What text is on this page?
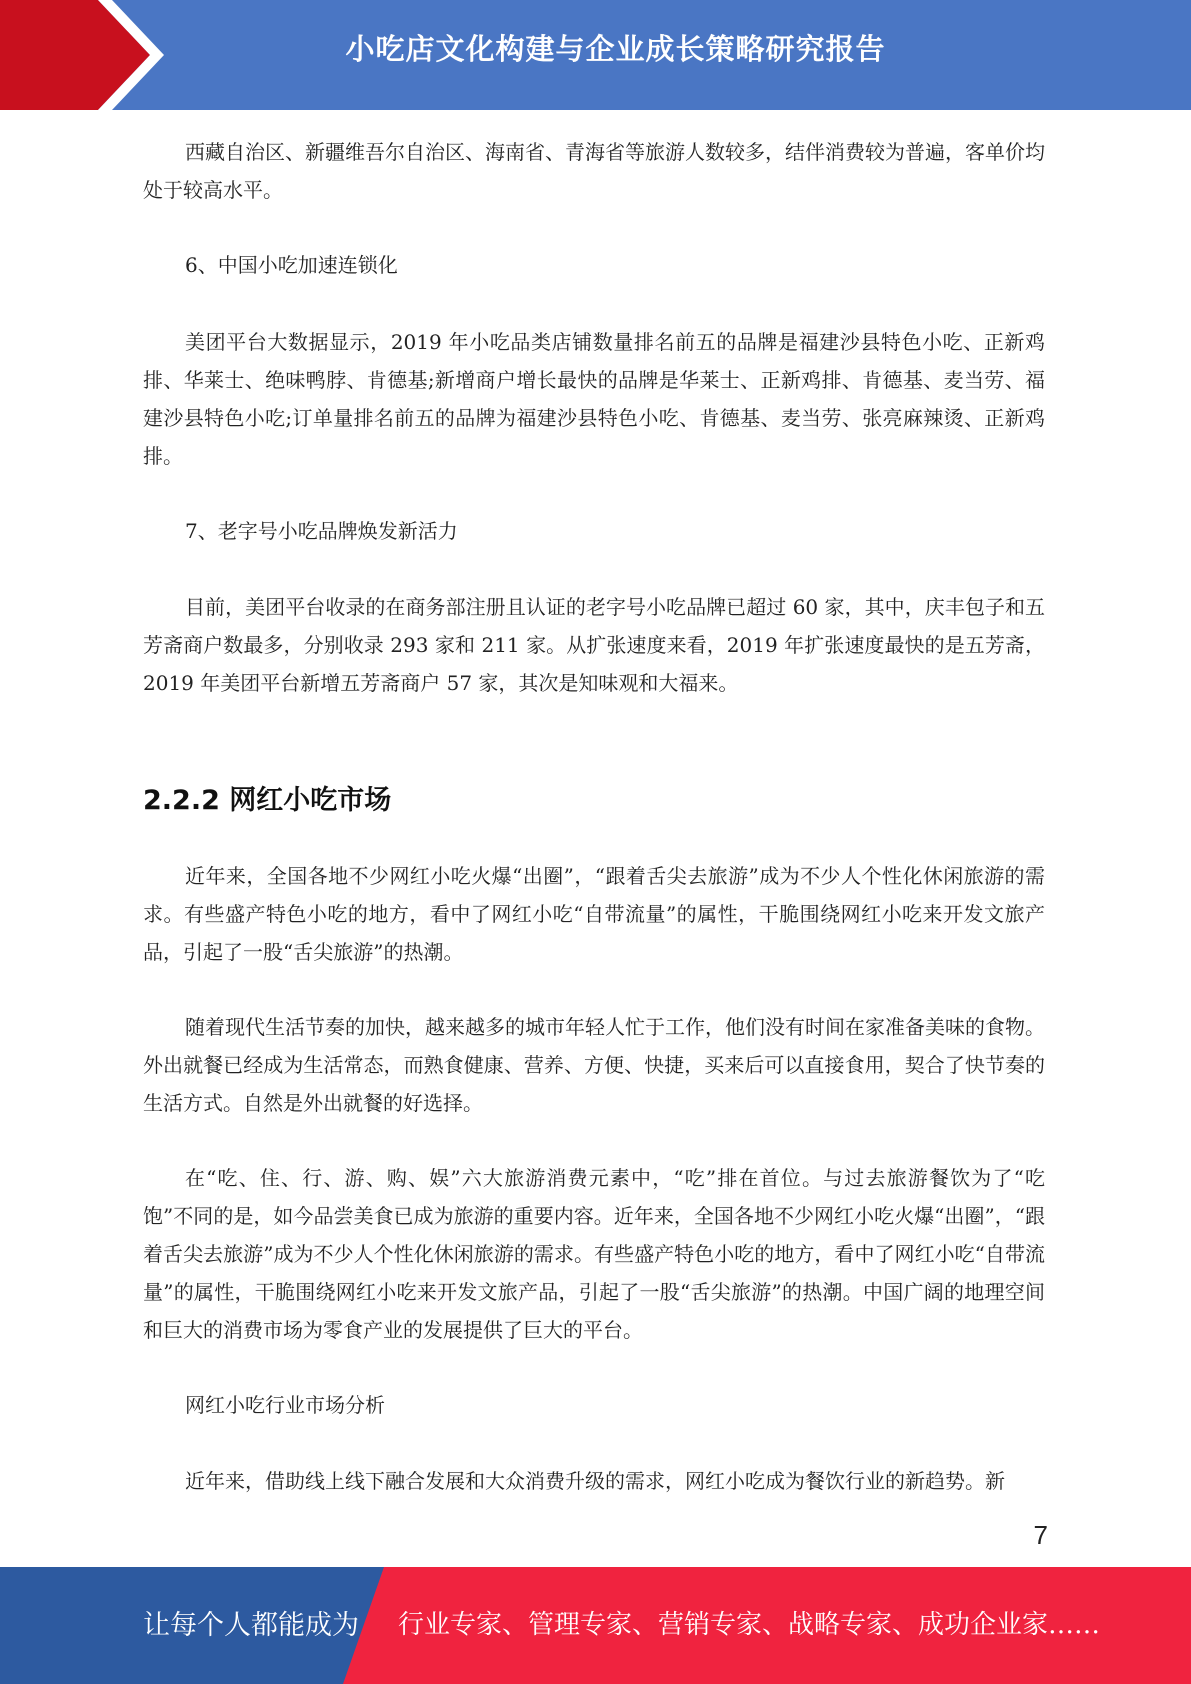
小吃店文化构建与企业成长策略研究报告

西藏自治区、新疆维吾尔自治区、海南省、青海省等旅游人数较多，结伴消费较为普遍，客单价均处于较高水平。

6、中国小吃加速连锁化

美团平台大数据显示，2019 年小吃品类店铺数量排名前五的品牌是福建沙县特色小吃、正新鸡排、华莱士、绝味鸭脖、肯德基;新增商户增长最快的品牌是华莱士、正新鸡排、肯德基、麦当劳、福建沙县特色小吃;订单量排名前五的品牌为福建沙县特色小吃、肯德基、麦当劳、张亮麻辣烫、正新鸡排。

7、老字号小吃品牌焕发新活力

目前，美团平台收录的在商务部注册且认证的老字号小吃品牌已超过 60 家，其中，庆丰包子和五芳斋商户数最多，分别收录 293 家和 211 家。从扩张速度来看，2019 年扩张速度最快的是五芳斋，2019 年美团平台新增五芳斋商户 57 家，其次是知味观和大福来。

2.2.2 网红小吃市场

近年来，全国各地不少网红小吃火爆“出圈”，“跟着舌尖去旅游”成为不少人个性化休闲旅游的需求。有些盛产特色小吃的地方，看中了网红小吃“自带流量”的属性，干脆围绕网红小吃来开发文旅产品，引起了一股“舌尖旅游”的热潮。

随着现代生活节奏的加快，越来越多的城市年轻人忙于工作，他们没有时间在家准备美味的食物。外出就餐已经成为生活常态，而熟食健康、营养、方便、快捷，买来后可以直接食用，契合了快节奏的生活方式。自然是外出就餐的好选择。

在“吃、住、行、游、购、娱”六大旅游消费元素中，“吃”排在首位。与过去旅游餐饮为了“吃饱”不同的是，如今品尝美食已成为旅游的重要内容。近年来，全国各地不少网红小吃火爆“出圈”，“跟着舌尖去旅游”成为不少人个性化休闲旅游的需求。有些盛产特色小吃的地方，看中了网红小吃“自带流量”的属性，干脆围绕网红小吃来开发文旅产品，引起了一股“舌尖旅游”的热潮。中国广阔的地理空间和巨大的消费市场为零食产业的发展提供了巨大的平台。

网红小吃行业市场分析

近年来，借助线上线下融合发展和大众消费升级的需求，网红小吃成为餐饮行业的新趋势。新

7
让每个人都能成为 行业专家、管理专家、营销专家、战略专家、成功企业家……
